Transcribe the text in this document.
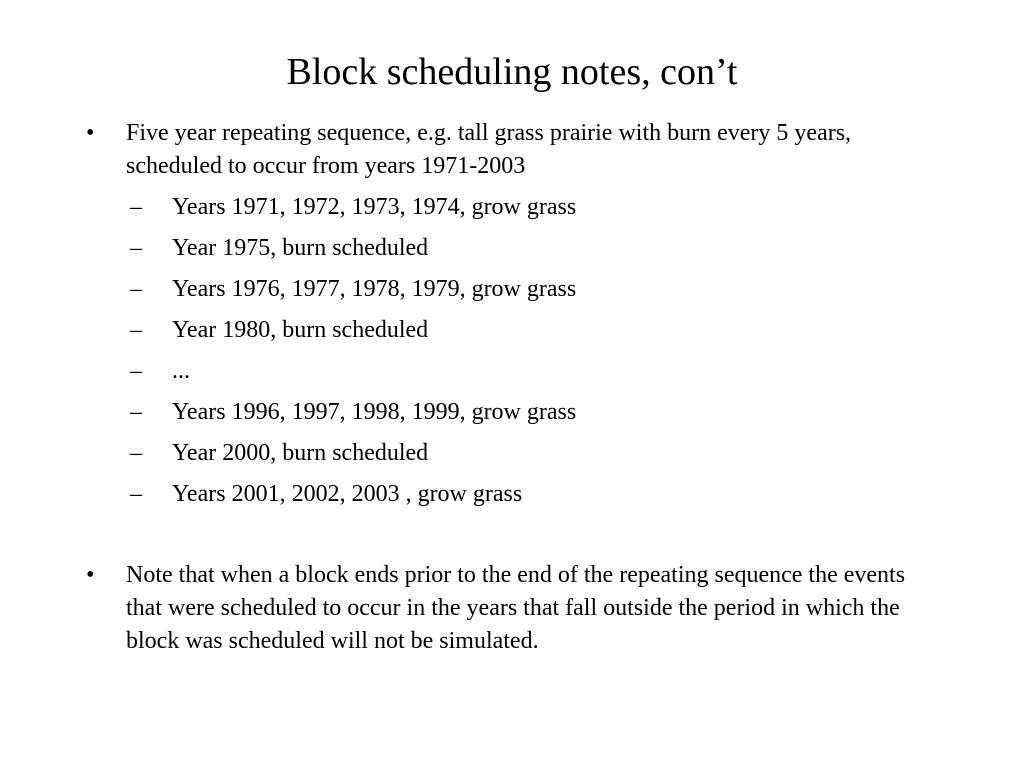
Block scheduling notes, con’t
• Five year repeating sequence, e.g. tall grass prairie with burn every 5 years, scheduled to occur from years 1971-2003
– Years 1971, 1972, 1973, 1974, grow grass
– Year 1975, burn scheduled
– Years 1976, 1977, 1978, 1979, grow grass
– Year 1980, burn scheduled
– ...
– Years 1996, 1997, 1998, 1999, grow grass
– Year 2000, burn scheduled
– Years 2001, 2002, 2003 , grow grass
• Note that when a block ends prior to the end of the repeating sequence the events that were scheduled to occur in the years that fall outside the period in which the block was scheduled will not be simulated.
